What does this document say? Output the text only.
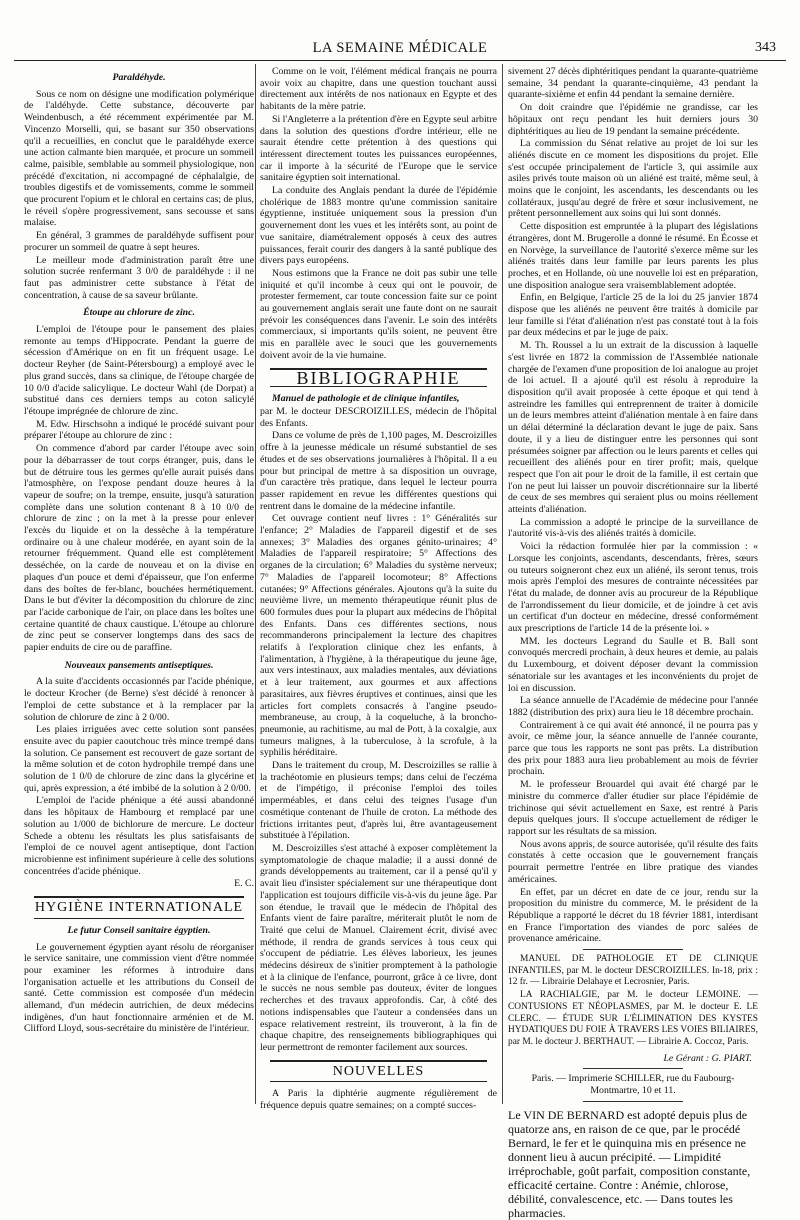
LA SEMAINE MÉDICALE	343
Paraldéhyde.

Sous ce nom on désigne une modification polymérique de l'aldéhyde. Cette substance, découverte par Weindenbusch, a été récemment expérimentée par M. Vincenzo Morselli, qui, se basant sur 350 observations qu'il a recueillies, en conclut que le paraldéhyde exerce une action calmante bien marquée, et procure un sommeil calme, paisible, semblable au sommeil physiologique, non précédé d'excitation, ni accompagné de céphalalgie, de troubles digestifs et de vomissements, comme le sommeil que procurent l'opium et le chloral en certains cas; de plus, le réveil s'opère progressivement, sans secousse et sans malaise.

En général, 3 grammes de paraldéhyde suffisent pour procurer un sommeil de quatre à sept heures.

Le meilleur mode d'administration paraît être une solution sucrée renfermant 3 0/0 de paraldéhyde : il ne faut pas administrer cette substance à l'état de concentration, à cause de sa saveur brûlante.

Étoupe au chlorure de zinc.

L'emploi de l'étoupe pour le pansement des plaies remonte au temps d'Hippocrate. Pendant la guerre de sécession d'Amérique on en fit un fréquent usage. Le docteur Reyher (de Saint-Pétersbourg) a employé avec le plus grand succès, dans sa clinique, de l'étoupe chargée de 10 0/0 d'acide salicylique. Le docteur Wahl (de Dorpat) a substitué dans ces derniers temps au coton salicylé l'étoupe imprégnée de chlorure de zinc.

M. Edw. Hirschsohn a indiqué le procédé suivant pour préparer l'étoupe au chlorure de zinc :

On commence d'abord par carder l'étoupe avec soin pour la débarrasser de tout corps étranger, puis, dans le but de détruire tous les germes qu'elle aurait puisés dans l'atmosphère, on l'expose pendant douze heures à la vapeur de soufre; on la trempe, ensuite, jusqu'à saturation complète dans une solution contenant 8 à 10 0/0 de chlorure de zinc ; on la met à la presse pour enlever l'excès du liquide et on la dessèche à la température ordinaire ou à une chaleur modérée, en ayant soin de la retourner fréquemment. Quand elle est complètement desséchée, on la carde de nouveau et on la divise en plaques d'un pouce et demi d'épaisseur, que l'on enferme dans des boîtes de fer-blanc, bouchées hermétiquement. Dans le but d'éviter la décomposition du chlorure de zinc par l'acide carbonique de l'air, on place dans les boîtes une certaine quantité de chaux caustique. L'étoupe au chlorure de zinc peut se conserver longtemps dans des sacs de papier enduits de cire ou de paraffine.

Nouveaux pansements antiseptiques.

A la suite d'accidents occasionnés par l'acide phénique, le docteur Krocher (de Berne) s'est décidé à renoncer à l'emploi de cette substance et à la remplacer par la solution de chlorure de zinc à 2 0/00.

Les plaies irriguées avec cette solution sont pansées ensuite avec du papier caoutchouc très mince trempé dans la solution. Ce pansement est recouvert de gaze sortant de la même solution et de coton hydrophile trempé dans une solution de 1 0/0 de chlorure de zinc dans la glycérine et qui, après expression, a été imbibé de la solution à 2 0/00.

L'emploi de l'acide phénique a été aussi abandonné dans les hôpitaux de Hambourg et remplacé par une solution au 1/000 de bichlorure de mercure. Le docteur Schede a obtenu les résultats les plus satisfaisants de l'emploi de ce nouvel agent antiseptique, dont l'action microbienne est infiniment supérieure à celle des solutions concentrées d'acide phénique.

E. C.
HYGIÈNE INTERNATIONALE
Le futur Conseil sanitaire égyptien.

Le gouvernement égyptien ayant résolu de réorganiser le service sanitaire, une commission vient d'être nommée pour examiner les réformes à introduire dans l'organisation actuelle et les attributions du Conseil de santé. Cette commission est composée d'un médecin allemand, d'un médecin autrichien, de deux médecins indigènes, d'un haut fonctionnaire arménien et de M. Clifford Lloyd, sous-secrétaire du ministère de l'intérieur.

Comme on le voit, l'élément médical français ne pourra avoir voix au chapitre, dans une question touchant aussi directement aux intérêts de nos nationaux en Egypte et des habitants de la mère patrie.

Si l'Angleterre a la prétention d'ère en Egypte seul arbitre dans la solution des questions d'ordre intérieur, elle ne saurait étendre cette prétention à des questions qui intéressent directement toutes les puissances européennes, car il importe à la sécurité de l'Europe que le service sanitaire égyptien soit international.

La conduite des Anglais pendant la durée de l'épidémie cholérique de 1883 montre qu'une commission sanitaire égyptienne, instituée uniquement sous la pression d'un gouvernement dont les vues et les intérêts sont, au point de vue sanitaire, diamétralement opposés à ceux des autres puissances, ferait courir des dangers à la santé publique des divers pays européens.

Nous estimons que la France ne doit pas subir une telle iniquité et qu'il incombe à ceux qui ont le pouvoir, de protester fermement, car toute concession faite sur ce point au gouvernement anglais serait une faute dont on ne saurait prévoir les conséquences dans l'avenir. Le soin des intérêts commerciaux, si importants qu'ils soient, ne peuvent être mis en parallèle avec le souci que les gouvernements doivent avoir de la vie humaine.

BIBLIOGRAPHIE

Manuel de pathologie et de clinique infantiles,

par M. le docteur DESCROIZILLES, médecin de l'hôpital des Enfants.

Dans ce volume de près de 1,100 pages, M. Descroizilles offre à la jeunesse médicale un résumé substantiel de ses études et de ses observations journalières à l'hôpital. Il a eu pour but principal de mettre à sa disposition un ouvrage, d'un caractère très pratique, dans lequel le lecteur pourra passer rapidement en revue les différentes questions qui rentrent dans le domaine de la médecine infantile.

Cet ouvrage contient neuf livres : 1° Généralités sur l'enfance; 2° Maladies de l'appareil digestif et de ses annexes; 3° Maladies des organes génito-urinaires; 4° Maladies de l'appareil respiratoire; 5° Affections des organes de la circulation; 6° Maladies du système nerveux; 7° Maladies de l'appareil locomoteur; 8° Affections cutanées; 9° Affections générales. Ajoutons qu'à la suite du neuvième livre, un memento thérapeutique réunit plus de 600 formules dues pour la plupart aux médecins de l'hôpital des Enfants. Dans ces différentes sections, nous recommanderons principalement la lecture des chapitres relatifs à l'exploration clinique chez les enfants, à l'alimentation, à l'hygiène, à la thérapeutique du jeune âge, aux vers intestinaux, aux maladies mentales, aux déviations et à leur traitement, aux gourmes et aux affections parasitaires, aux fièvres éruptives et continues, ainsi que les articles fort complets consacrés à l'angine pseudo-membraneuse, au croup, à la coqueluche, à la broncho-pneumonie, au rachitisme, au mal de Pott, à la coxalgie, aux tumeurs malignes, à la tuberculose, à la scrofule, à la syphilis héréditaire.

Dans le traitement du croup, M. Descroizilles se rallie à la trachéotomie en plusieurs temps; dans celui de l'eczéma et de l'impétigo, il préconise l'emploi des toiles imperméables, et dans celui des teignes l'usage d'un cosmétique contenant de l'huile de croton. La méthode des frictions irritantes peut, d'après lui, être avantageusement substituée à l'épilation.

M. Descroizilles s'est attaché à exposer complètement la symptomatologie de chaque maladie; il a aussi donné de grands développements au traitement, car il a pensé qu'il y avait lieu d'insister spécialement sur une thérapeutique dont l'application est toujours difficile vis-à-vis du jeune âge. Par son étendue, le travail que le médecin de l'hôpital des Enfants vient de faire paraître, mériterait plutôt le nom de Traité que celui de Manuel. Clairement écrit, divisé avec méthode, il rendra de grands services à tous ceux qui s'occupent de pédiatrie. Les élèves laborieux, les jeunes médecins désireux de s'initier promptement à la pathologie et à la clinique de l'enfance, pourront, grâce à ce livre, dont le succès ne nous semble pas douteux, éviter de longues recherches et des travaux approfondis. Car, à côté des notions indispensables que l'auteur a condensées dans un espace relativement restreint, ils trouveront, à la fin de chaque chapitre, des renseignements bibliographiques qui leur permettront de remonter facilement aux sources.

NOUVELLES

A Paris la diphtérie augmente régulièrement de fréquence depuis quatre semaines; on a compté succes-

sivement 27 décès diphtéritiques pendant la quarante-quatrième semaine, 34 pendant la quarante-cinquième, 43 pendant la quarante-sixième et enfin 44 pendant la semaine dernière.

On doit craindre que l'épidémie ne grandisse, car les hôpitaux ont reçu pendant les huit derniers jours 30 diphtéritiques au lieu de 19 pendant la semaine précédente.

La commission du Sénat relative au projet de loi sur les aliénés discute en ce moment les dispositions du projet. Elle s'est occupée principalement de l'article 3, qui assimile aux asiles privés toute maison où un aliéné est traité, même seul, à moins que le conjoint, les ascendants, les descendants ou les collatéraux, jusqu'au degré de frère et sœur inclusivement, ne prêtent personnellement aux soins qui lui sont donnés.

Cette disposition est empruntée à la plupart des législations étrangères, dont M. Brugerolle a donné le résumé. En Écosse et en Norvège, la surveillance de l'autorité s'exerce même sur les aliénés traités dans leur famille par leurs parents les plus proches, et en Hollande, où une nouvelle loi est en préparation, une disposition analogue sera vraisemblablement adoptée.

Enfin, en Belgique, l'article 25 de la loi du 25 janvier 1874 dispose que les aliénés ne peuvent être traités à domicile par leur famille si l'état d'aliénation n'est pas constaté tout à la fois par deux médecins et par le juge de paix.

M. Th. Roussel a lu un extrait de la discussion à laquelle s'est livrée en 1872 la commission de l'Assemblée nationale chargée de l'examen d'une proposition de loi analogue au projet de loi actuel. Il a ajouté qu'il est résolu à reproduire la disposition qu'il avait proposée à cette époque et qui tend à astreindre les familles qui entreprennent de traiter à domicile un de leurs membres atteint d'aliénation mentale à en faire dans un délai déterminé la déclaration devant le juge de paix. Sans doute, il y a lieu de distinguer entre les personnes qui sont présumées soigner par affection ou le leurs parents et celles qui recueillent des aliénés pour en tirer profit; mais, quelque respect que l'on ait pour le droit de la famille, il est certain que l'on ne peut lui laisser un pouvoir discrétionnaire sur la liberté de ceux de ses membres qui seraient plus ou moins réellement atteints d'aliénation.

La commission a adopté le principe de la surveillance de l'autorité vis-à-vis des aliénés traités à domicile.

Voici la rédaction formulée hier par la commission : « Lorsque les conjoints, ascendants, descendants, frères, sœurs ou tuteurs soigneront chez eux un aliéné, ils seront tenus, trois mois après l'emploi des mesures de contrainte nécessitées par l'état du malade, de donner avis au procureur de la République de l'arrondissement du lieur domicile, et de joindre à cet avis un certificat d'un docteur en médecine, dressé conformément aux prescriptions de l'article 14 de la présente loi. »

MM. les docteurs Legrand du Saulle et B. Ball sont convoqués mercredi prochain, à deux heures et demie, au palais du Luxembourg, et doivent déposer devant la commission sénatoriale sur les avantages et les inconvénients du projet de loi en discussion.

La séance annuelle de l'Académie de médecine pour l'année 1882 (distribution des prix) aura lieu le 18 décembre prochain.

Contrairement à ce qui avait été annoncé, il ne pourra pas y avoir, ce même jour, la séance annuelle de l'année courante, parce que tous les rapports ne sont pas prêts. La distribution des prix pour 1883 aura lieu probablement au mois de février prochain.

M. le professeur Brouardel qui avait été chargé par le ministre du commerce d'aller étudier sur place l'épidémie de trichinose qui sévit actuellement en Saxe, est rentré à Paris depuis quelques jours. Il s'occupe actuellement de rédiger le rapport sur les résultats de sa mission.

Nous avons appris, de source autorisée, qu'il résulte des faits constatés à cette occasion que le gouvernement français pourrait permettre l'entrée en libre pratique des viandes américaines.

En effet, par un décret en date de ce jour, rendu sur la proposition du ministre du commerce, M. le président de la République a rapporté le décret du 18 février 1881, interdisant en France l'importation des viandes de porc salées de provenance américaine.

MANUEL DE PATHOLOGIE ET DE CLINIQUE INFANTILES, par M. le docteur DESCROIZILLES. In-18, prix : 12 fr. — Librairie Delahaye et Lecrosnier, Paris.

LA RACHIALGIE, par M. le docteur LEMOINE. — CONTUSIONS ET NÉOPLASMES, par M. le docteur E. LE CLERC. — ÉTUDE SUR L'ÉLIMINATION DES KYSTES HYDATIQUES DU FOIE À TRAVERS LES VOIES BILIAIRES, par M. le docteur J. BERTHAUT. — Librairie A. Coccoz, Paris.

Le Gérant : G. PIART.
Paris. — Imprimerie SCHILLER, rue du Faubourg-Montmartre, 10 et 11.
Le VIN DE BERNARD est adopté depuis plus de quatorze ans, en raison de ce que, par le procédé Bernard, le fer et le quinquina mis en présence ne donnent lieu à aucun précipité. — Limpidité irréprochable, goût parfait, composition constante, efficacité certaine. Contre : Anémie, chlorose, débilité, convalescence, etc. — Dans toutes les pharmacies.
